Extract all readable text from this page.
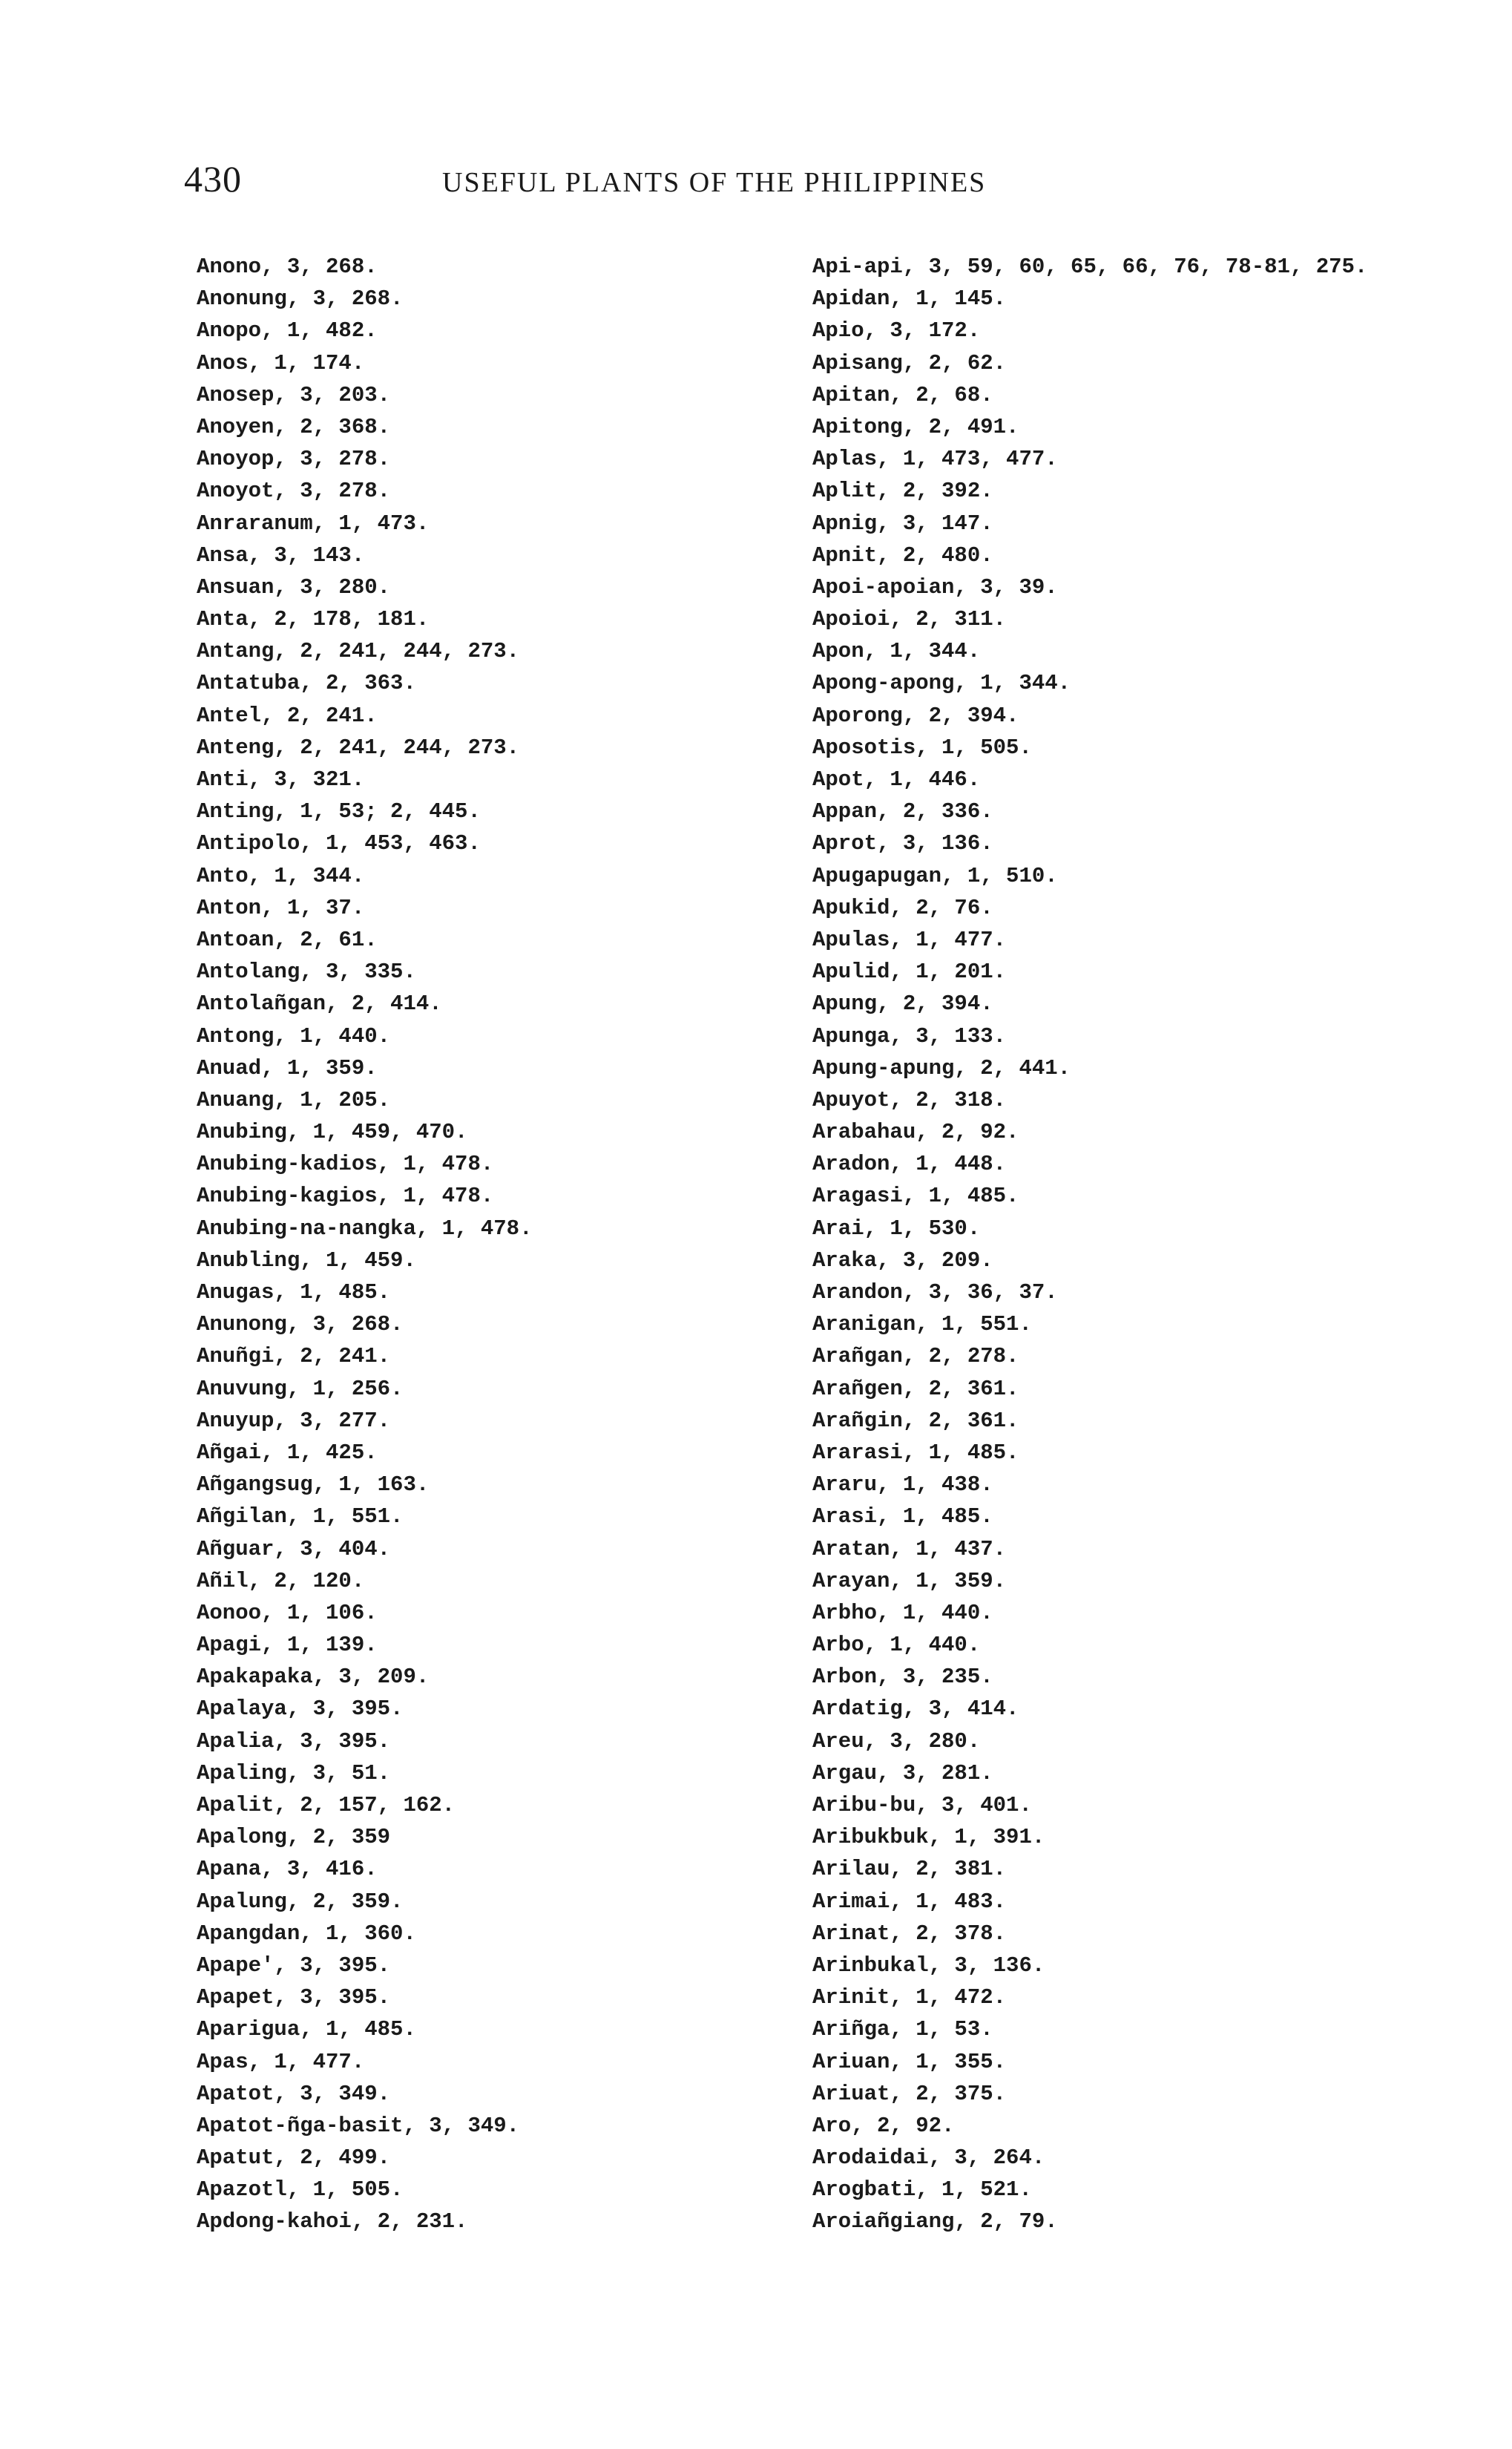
430	USEFUL PLANTS OF THE PHILIPPINES
Anono, 3, 268.
Anonung, 3, 268.
Anopo, 1, 482.
Anos, 1, 174.
Anosep, 3, 203.
Anoyen, 2, 368.
Anoyop, 3, 278.
Anoyot, 3, 278.
Anraranum, 1, 473.
Ansa, 3, 143.
Ansuan, 3, 280.
Anta, 2, 178, 181.
Antang, 2, 241, 244, 273.
Antatuba, 2, 363.
Antel, 2, 241.
Anteng, 2, 241, 244, 273.
Anti, 3, 321.
Anting, 1, 53; 2, 445.
Antipolo, 1, 453, 463.
Anto, 1, 344.
Anton, 1, 37.
Antoan, 2, 61.
Antolang, 3, 335.
Antolañgan, 2, 414.
Antong, 1, 440.
Anuad, 1, 359.
Anuang, 1, 205.
Anubing, 1, 459, 470.
Anubing-kadios, 1, 478.
Anubing-kagios, 1, 478.
Anubing-na-nangka, 1, 478.
Anubling, 1, 459.
Anugas, 1, 485.
Anunong, 3, 268.
Anuñgi, 2, 241.
Anuvung, 1, 256.
Anuyup, 3, 277.
Añgai, 1, 425.
Añgangsug, 1, 163.
Añgilan, 1, 551.
Añguar, 3, 404.
Añil, 2, 120.
Aonoo, 1, 106.
Apagi, 1, 139.
Apakapaka, 3, 209.
Apalaya, 3, 395.
Apalia, 3, 395.
Apaling, 3, 51.
Apalit, 2, 157, 162.
Apalong, 2, 359
Apana, 3, 416.
Apalung, 2, 359.
Apangdan, 1, 360.
Apape', 3, 395.
Apapet, 3, 395.
Aparigua, 1, 485.
Apas, 1, 477.
Apatot, 3, 349.
Apatot-ñga-basit, 3, 349.
Apatut, 2, 499.
Apazotl, 1, 505.
Apdong-kahoi, 2, 231.
Api-api, 3, 59, 60, 65, 66, 76, 78-81, 275.
Apidan, 1, 145.
Apio, 3, 172.
Apisang, 2, 62.
Apitan, 2, 68.
Apitong, 2, 491.
Aplas, 1, 473, 477.
Aplit, 2, 392.
Apnig, 3, 147.
Apnit, 2, 480.
Apoi-apoian, 3, 39.
Apoioi, 2, 311.
Apon, 1, 344.
Apong-apong, 1, 344.
Aporong, 2, 394.
Aposotis, 1, 505.
Apot, 1, 446.
Appan, 2, 336.
Aprot, 3, 136.
Apugapugan, 1, 510.
Apukid, 2, 76.
Apulas, 1, 477.
Apulid, 1, 201.
Apung, 2, 394.
Apunga, 3, 133.
Apung-apung, 2, 441.
Apuyot, 2, 318.
Arabahau, 2, 92.
Aradon, 1, 448.
Aragasi, 1, 485.
Arai, 1, 530.
Araka, 3, 209.
Arandon, 3, 36, 37.
Aranigan, 1, 551.
Arañgan, 2, 278.
Arañgen, 2, 361.
Arañgin, 2, 361.
Ararasi, 1, 485.
Araru, 1, 438.
Arasi, 1, 485.
Aratan, 1, 437.
Arayan, 1, 359.
Arbho, 1, 440.
Arbo, 1, 440.
Arbon, 3, 235.
Ardatig, 3, 414.
Areu, 3, 280.
Argau, 3, 281.
Aribu-bu, 3, 401.
Aribukbuk, 1, 391.
Arilau, 2, 381.
Arimai, 1, 483.
Arinat, 2, 378.
Arinbukal, 3, 136.
Arinit, 1, 472.
Ariñga, 1, 53.
Ariuan, 1, 355.
Ariuat, 2, 375.
Aro, 2, 92.
Arodaidai, 3, 264.
Arogbati, 1, 521.
Aroiañgiang, 2, 79.
